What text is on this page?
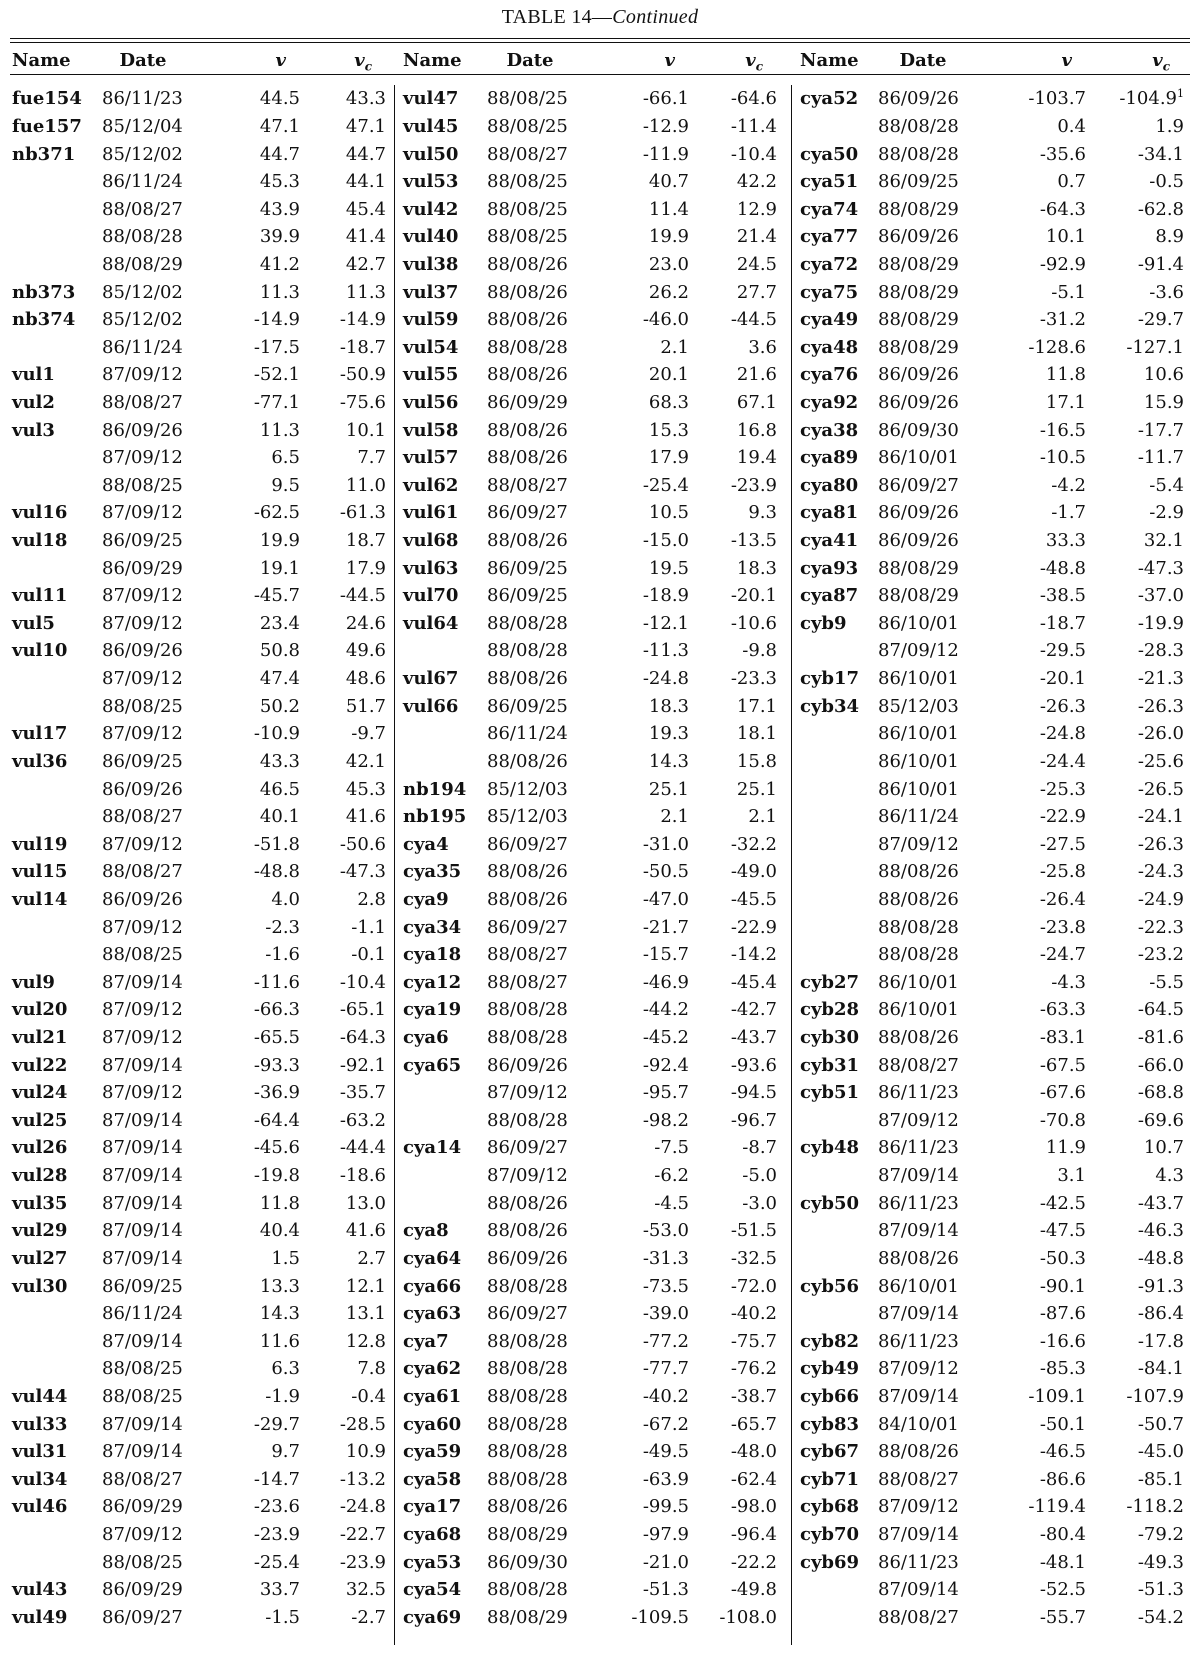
TABLE 14—Continued
Name	Date	v	$v_c$
fue154	86/11/23	44.5	43.3
fue157	85/12/04	47.1	47.1
nb371	85/12/02	44.7	44.7
86/11/24	45.3	44.1
88/08/27	43.9	45.4
88/08/28	39.9	41.4
88/08/29	41.2	42.7
nb373	85/12/02	11.3	11.3
nb374	85/12/02	-14.9	-14.9
86/11/24	-17.5	-18.7
vul1	87/09/12	-52.1	-50.9
vul2	88/08/27	-77.1	-75.6
vul3	86/09/26	11.3	10.1
87/09/12	6.5	7.7
88/08/25	9.5	11.0
vul16	87/09/12	-62.5	-61.3
vul18	86/09/25	19.9	18.7
86/09/29	19.1	17.9
vul11	87/09/12	-45.7	-44.5
vul5	87/09/12	23.4	24.6
vul10	86/09/26	50.8	49.6
87/09/12	47.4	48.6
88/08/25	50.2	51.7
vul17	87/09/12	-10.9	-9.7
vul36	86/09/25	43.3	42.1
86/09/26	46.5	45.3
88/08/27	40.1	41.6
vul19	87/09/12	-51.8	-50.6
vul15	88/08/27	-48.8	-47.3
vul14	86/09/26	4.0	2.8
87/09/12	-2.3	-1.1
88/08/25	-1.6	-0.1
vul9	87/09/14	-11.6	-10.4
vul20	87/09/12	-66.3	-65.1
vul21	87/09/12	-65.5	-64.3
vul22	87/09/14	-93.3	-92.1
vul24	87/09/12	-36.9	-35.7
vul25	87/09/14	-64.4	-63.2
vul26	87/09/14	-45.6	-44.4
vul28	87/09/14	-19.8	-18.6
vul35	87/09/14	11.8	13.0
vul29	87/09/14	40.4	41.6
vul27	87/09/14	1.5	2.7
vul30	86/09/25	13.3	12.1
86/11/24	14.3	13.1
87/09/14	11.6	12.8
88/08/25	6.3	7.8
vul44	88/08/25	-1.9	-0.4
vul33	87/09/14	-29.7	-28.5
vul31	87/09/14	9.7	10.9
vul34	88/08/27	-14.7	-13.2
vul46	86/09/29	-23.6	-24.8
87/09/12	-23.9	-22.7
88/08/25	-25.4	-23.9
vul43	86/09/29	33.7	32.5
vul49	86/09/27	-1.5	-2.7
Name	Date	v	$v_c$
vul47	88/08/25	-66.1	-64.6
vul45	88/08/25	-12.9	-11.4
vul50	88/08/27	-11.9	-10.4
vul53	88/08/25	40.7	42.2
vul42	88/08/25	11.4	12.9
vul40	88/08/25	19.9	21.4
vul38	88/08/26	23.0	24.5
vul37	88/08/26	26.2	27.7
vul59	88/08/26	-46.0	-44.5
vul54	88/08/28	2.1	3.6
vul55	88/08/26	20.1	21.6
vul56	86/09/29	68.3	67.1
vul58	88/08/26	15.3	16.8
vul57	88/08/26	17.9	19.4
vul62	88/08/27	-25.4	-23.9
vul61	86/09/27	10.5	9.3
vul68	88/08/26	-15.0	-13.5
vul63	86/09/25	19.5	18.3
vul70	86/09/25	-18.9	-20.1
vul64	88/08/28	-12.1	-10.6
88/08/28	-11.3	-9.8
vul67	88/08/26	-24.8	-23.3
vul66	86/09/25	18.3	17.1
86/11/24	19.3	18.1
88/08/26	14.3	15.8
nb194	85/12/03	25.1	25.1
nb195	85/12/03	2.1	2.1
cya4	86/09/27	-31.0	-32.2
cya35	88/08/26	-50.5	-49.0
cya9	88/08/26	-47.0	-45.5
cya34	86/09/27	-21.7	-22.9
cya18	88/08/27	-15.7	-14.2
cya12	88/08/27	-46.9	-45.4
cya19	88/08/28	-44.2	-42.7
cya6	88/08/28	-45.2	-43.7
cya65	86/09/26	-92.4	-93.6
87/09/12	-95.7	-94.5
88/08/28	-98.2	-96.7
cya14	86/09/27	-7.5	-8.7
87/09/12	-6.2	-5.0
88/08/26	-4.5	-3.0
cya8	88/08/26	-53.0	-51.5
cya64	86/09/26	-31.3	-32.5
cya66	88/08/28	-73.5	-72.0
cya63	86/09/27	-39.0	-40.2
cya7	88/08/28	-77.2	-75.7
cya62	88/08/28	-77.7	-76.2
cya61	88/08/28	-40.2	-38.7
cya60	88/08/28	-67.2	-65.7
cya59	88/08/28	-49.5	-48.0
cya58	88/08/28	-63.9	-62.4
cya17	88/08/26	-99.5	-98.0
cya68	88/08/29	-97.9	-96.4
cya53	86/09/30	-21.0	-22.2
cya54	88/08/28	-51.3	-49.8
cya69	88/08/29	-109.5	-108.0
Name	Date	v	$v_c$
cya52	86/09/26	-103.7	-104.9$^1$
88/08/28	0.4	1.9
cya50	88/08/28	-35.6	-34.1
cya51	86/09/25	0.7	-0.5
cya74	88/08/29	-64.3	-62.8
cya77	86/09/26	10.1	8.9
cya72	88/08/29	-92.9	-91.4
cya75	88/08/29	-5.1	-3.6
cya49	88/08/29	-31.2	-29.7
cya48	88/08/29	-128.6	-127.1
cya76	86/09/26	11.8	10.6
cya92	86/09/26	17.1	15.9
cya38	86/09/30	-16.5	-17.7
cya89	86/10/01	-10.5	-11.7
cya80	86/09/27	-4.2	-5.4
cya81	86/09/26	-1.7	-2.9
cya41	86/09/26	33.3	32.1
cya93	88/08/29	-48.8	-47.3
cya87	88/08/29	-38.5	-37.0
cyb9	86/10/01	-18.7	-19.9
87/09/12	-29.5	-28.3
cyb17	86/10/01	-20.1	-21.3
cyb34	85/12/03	-26.3	-26.3
86/10/01	-24.8	-26.0
86/10/01	-24.4	-25.6
86/10/01	-25.3	-26.5
86/11/24	-22.9	-24.1
87/09/12	-27.5	-26.3
88/08/26	-25.8	-24.3
88/08/26	-26.4	-24.9
88/08/28	-23.8	-22.3
88/08/28	-24.7	-23.2
cyb27	86/10/01	-4.3	-5.5
cyb28	86/10/01	-63.3	-64.5
cyb30	88/08/26	-83.1	-81.6
cyb31	88/08/27	-67.5	-66.0
cyb51	86/11/23	-67.6	-68.8
87/09/12	-70.8	-69.6
cyb48	86/11/23	11.9	10.7
87/09/14	3.1	4.3
cyb50	86/11/23	-42.5	-43.7
87/09/14	-47.5	-46.3
88/08/26	-50.3	-48.8
cyb56	86/10/01	-90.1	-91.3
87/09/14	-87.6	-86.4
cyb82	86/11/23	-16.6	-17.8
cyb49	87/09/12	-85.3	-84.1
cyb66	87/09/14	-109.1	-107.9
cyb83	84/10/01	-50.1	-50.7
cyb67	88/08/26	-46.5	-45.0
cyb71	88/08/27	-86.6	-85.1
cyb68	87/09/12	-119.4	-118.2
cyb70	87/09/14	-80.4	-79.2
cyb69	86/11/23	-48.1	-49.3
87/09/14	-52.5	-51.3
88/08/27	-55.7	-54.2
